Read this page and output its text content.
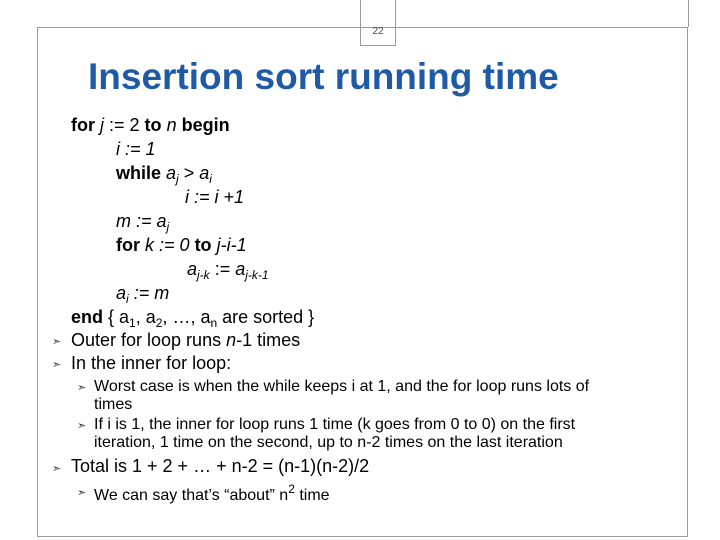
22
Insertion sort running time
for j := 2 to n begin
i := 1
while $a_j > a_i$
i := i +1
m := $a_j$
for k := 0 to j-i-1
$a_{j-k}$ := $a_{j-k-1}$
$a_i$ := m
end { $a_1$, $a_2$, …, $a_n$ are sorted }
➣ Outer for loop runs n-1 times
➣ In the inner for loop:
➣ Worst case is when the while keeps i at 1, and the for loop runs lots of
times
➣ If i is 1, the inner for loop runs 1 time (k goes from 0 to 0) on the first
iteration, 1 time on the second, up to n-2 times on the last iteration
➣ Total is 1 + 2 + … + n-2 = (n-1)(n-2)/2
➣ We can say that’s “about” $n^2$ time
